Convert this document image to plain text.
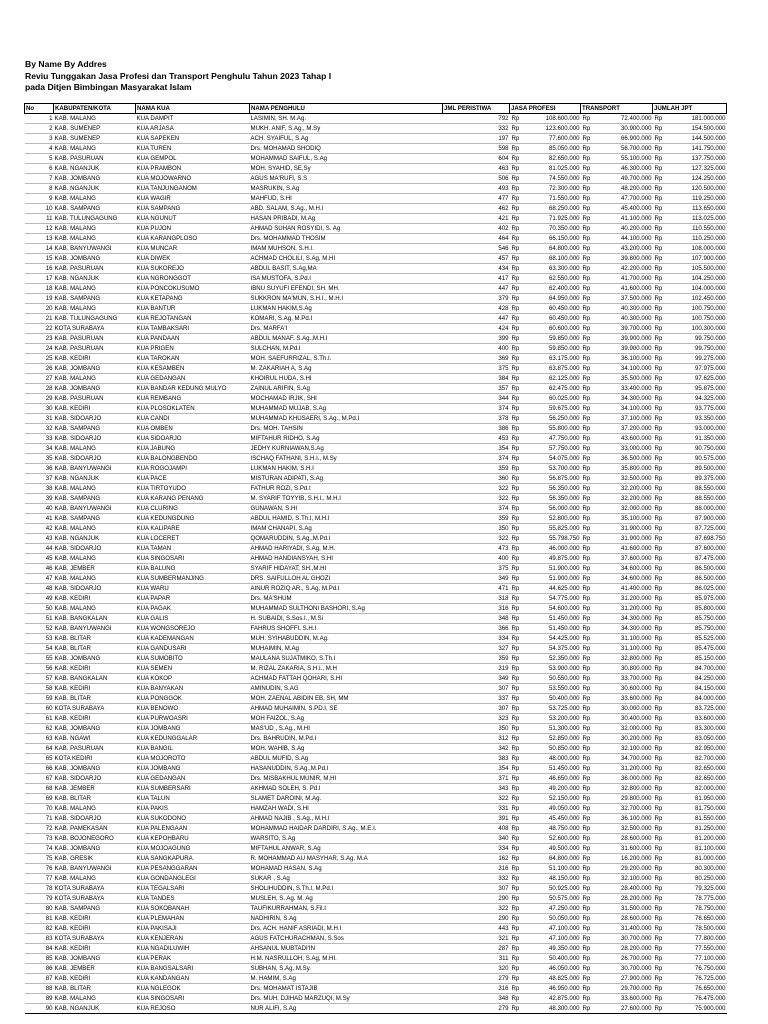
By Name By Addres
Reviu Tunggakan Jasa Profesi dan Transport Penghulu Tahun 2023 Tahap I
pada Ditjen Bimbingan Masyarakat Islam
No	KABUPATEN/KOTA	NAMA KUA	NAMA PENGHULU	JML PERISTIWA	JASA PROFESI		TRANSPORT		JUMLAH JPT	
1	KAB. MALANG	KUA DAMPIT	LASIMIN, SH. M.Ag.	792	Rp	108.600.000	Rp	72.400.000	Rp	181.000.000
2	KAB. SUMENEP	KUA ARJASA	MUKH. ANIF, S.Ag., M.Sy	332	Rp	123.600.000	Rp	30.900.000	Rp	154.500.000
3	KAB. SUMENEP	KUA SAPEKEN	ACH. SYAIFUL, S.Ag	197	Rp	77.600.000	Rp	66.900.000	Rp	144.500.000
4	KAB. MALANG	KUA TUREN	Drs. MOHAMAD SHODIQ	598	Rp	85.050.000	Rp	56.700.000	Rp	141.750.000
5	KAB. PASURUAN	KUA GEMPOL	MOHAMMAD SAIFUL, S.Ag	604	Rp	82.650.000	Rp	55.100.000	Rp	137.750.000
6	KAB. NGANJUK	KUA PRAMBON	MOH. SYAHID, SE,Sy	463	Rp	81.025.000	Rp	46.300.000	Rp	127.325.000
7	KAB. JOMBANG	KUA MOJOWARNO	AGUS MA'RUFI, S.S	506	Rp	74.550.000	Rp	49.700.000	Rp	124.250.000
8	KAB. NGANJUK	KUA TANJUNGANOM	MASRUKIN, S.Ag	493	Rp	72.300.000	Rp	48.200.000	Rp	120.500.000
9	KAB. MALANG	KUA WAGIR	MAHFUD, S.HI	477	Rp	71.550.000	Rp	47.700.000	Rp	119.250.000
10	KAB. SAMPANG	KUA SAMPANG	ABD. SALAM, S.Ag., M.H.I	462	Rp	68.250.000	Rp	45.400.000	Rp	113.650.000
11	KAB. TULUNGAGUNG	KUA NGUNUT	HASAN PRIBADI, M.Ag	421	Rp	71.925.000	Rp	41.100.000	Rp	113.025.000
12	KAB. MALANG	KUA PUJON	AHMAD SUHAN ROSYIDI, S. Ag	402	Rp	70.350.000	Rp	40.200.000	Rp	110.550.000
13	KAB. MALANG	KUA KARANGPLOSO	Drs. MOHAMMAD THOSIM	464	Rp	66.150.000	Rp	44.100.000	Rp	110.250.000
14	KAB. BANYUWANGI	KUA MUNCAR	IMAM MUHSON, S.H.I.	546	Rp	64.800.000	Rp	43.200.000	Rp	108.000.000
15	KAB. JOMBANG	KUA DIWEK	ACHMAD CHOLILI, S.Ag, M.HI	457	Rp	68.100.000	Rp	39.800.000	Rp	107.900.000
16	KAB. PASURUAN	KUA SUKOREJO	ABDUL BASIT, S.Ag,MA	434	Rp	63.300.000	Rp	42.200.000	Rp	105.500.000
17	KAB. NGANJUK	KUA NGRONGGOT	ISA MUSTOFA, S.Pd.I	417	Rp	62.550.000	Rp	41.700.000	Rp	104.250.000
18	KAB. MALANG	KUA PONCOKUSUMO	IBNU SUYUFI EFENDI, SH. MH.	447	Rp	62.400.000	Rp	41.600.000	Rp	104.000.000
19	KAB. SAMPANG	KUA KETAPANG	SUKKRON MA'MUN, S.H.I., M.H.I	379	Rp	64.950.000	Rp	37.500.000	Rp	102.450.000
20	KAB. MALANG	KUA BANTUR	LUKMAN HAKIM,S.Ag	428	Rp	60.450.000	Rp	40.300.000	Rp	100.750.000
21	KAB. TULUNGAGUNG	KUA REJOTANGAN	KOMARI, S.Ag, M.Pd.I	447	Rp	60.450.000	Rp	40.300.000	Rp	100.750.000
22	KOTA SURABAYA	KUA TAMBAKSARI	Drs. MARFA'I	424	Rp	60.600.000	Rp	39.700.000	Rp	100.300.000
23	KAB. PASURUAN	KUA PANDAAN	ABDUL MANAF, S.Ag.,M.H.I	399	Rp	59.850.000	Rp	39.900.000	Rp	99.750.000
24	KAB. PASURUAN	KUA PRIGEN	SULCHAN, M.Pd.I	400	Rp	59.850.000	Rp	39.900.000	Rp	99.750.000
25	KAB. KEDIRI	KUA TAROKAN	MOH. SAEFURRIZAL, S.Th.I.	369	Rp	63.175.000	Rp	36.100.000	Rp	99.275.000
26	KAB. JOMBANG	KUA KESAMBEN	M. ZAKARIAH A, S.Ag	375	Rp	63.875.000	Rp	34.100.000	Rp	97.975.000
27	KAB. MALANG	KUA GEDANGAN	KHOIRUL HUDA, S.HI	384	Rp	62.125.000	Rp	35.500.000	Rp	97.625.000
28	KAB. JOMBANG	KUA BANDAR KEDUNG MULYO	ZAINUL ARIFIN, S.Ag	357	Rp	62.475.000	Rp	33.400.000	Rp	95.875.000
29	KAB. PASURUAN	KUA REMBANG	MOCHAMAD IRJIK, SHI	344	Rp	60.025.000	Rp	34.300.000	Rp	94.325.000
30	KAB. KEDIRI	KUA PLOSOKLATEN	MUHAMMAD MUJAB, S.Ag	374	Rp	59.675.000	Rp	34.100.000	Rp	93.775.000
31	KAB. SIDOARJO	KUA CANDI	MUHAMMAD KHUSAERI, S.Ag., M.Pd.I	378	Rp	56.250.000	Rp	37.100.000	Rp	93.350.000
32	KAB. SAMPANG	KUA OMBEN	Drs. MOH. TAHSIN	386	Rp	55.800.000	Rp	37.200.000	Rp	93.000.000
33	KAB. SIDOARJO	KUA SIDOARJO	MIFTAHUR RIDHO, S.Ag	453	Rp	47.750.000	Rp	43.600.000	Rp	91.350.000
34	KAB. MALANG	KUA JABUNG	JEDHY KURNIAWAN,S.Ag	354	Rp	57.750.000	Rp	33.000.000	Rp	90.750.000
35	KAB. SIDOARJO	KUA BALONGBENDO	ISCHAQ FATHANI, S.H.I., M.Sy	374	Rp	54.075.000	Rp	36.500.000	Rp	90.575.000
36	KAB. BANYUWANGI	KUA ROGOJAMPI	LUKMAN HAKIM, S.H.I	359	Rp	53.700.000	Rp	35.800.000	Rp	89.500.000
37	KAB. NGANJUK	KUA PACE	MISTURAN ADIPATI, S.Ag	360	Rp	56.875.000	Rp	32.500.000	Rp	89.375.000
38	KAB. MALANG	KUA TIRTOYUDO	FATHUR ROZI, S.Pd.I	322	Rp	56.350.000	Rp	32.200.000	Rp	88.550.000
39	KAB. SAMPANG	KUA KARANG PENANG	M. SYARIF TOYYIB, S.H.I., M.H.I	322	Rp	56.350.000	Rp	32.200.000	Rp	88.550.000
40	KAB. BANYUWANGI	KUA CLURING	GUNAWAN, S.HI	374	Rp	56.000.000	Rp	32.000.000	Rp	88.000.000
41	KAB. SAMPANG	KUA KEDUNGDUNG	ABDUL HAMID, S.Th.I, M.H.I	359	Rp	52.800.000	Rp	35.100.000	Rp	87.900.000
42	KAB. MALANG	KUA KALIPARE	IMAM CHANAPI, S.Ag	350	Rp	55.825.000	Rp	31.900.000	Rp	87.725.000
43	KAB. NGANJUK	KUA LOCERET	QOMARUDDIN, S.Ag.,M.Pd.I	322	Rp	55.798.750	Rp	31.900.000	Rp	87.698.750
44	KAB. SIDOARJO	KUA TAMAN	AHMAD HARIYADI, S.Ag, M.H.	473	Rp	46.000.000	Rp	41.600.000	Rp	87.600.000
45	KAB. MALANG	KUA SINGOSARI	AHMAD HANDIANSYAH, S.HI	400	Rp	49.875.000	Rp	37.600.000	Rp	87.475.000
46	KAB. JEMBER	KUA BALUNG	SYARIF HIDAYAT, SH.,M.HI	375	Rp	51.900.000	Rp	34.600.000	Rp	86.500.000
47	KAB. MALANG	KUA SUMBERMANJING	DRS. SAIFULLOH AL GHOZI	349	Rp	51.900.000	Rp	34.600.000	Rp	86.500.000
48	KAB. SIDOARJO	KUA WARU	AINUR ROZIQ AR., S.Ag, M.Pd.I	471	Rp	44.625.000	Rp	41.400.000	Rp	86.025.000
49	KAB. KEDIRI	KUA PAPAR	Drs. MA'SHUM	318	Rp	54.775.000	Rp	31.200.000	Rp	85.975.000
50	KAB. MALANG	KUA PAGAK	MUHAMMAD SULTHONI BASHORI, S.Ag	316	Rp	54.600.000	Rp	31.200.000	Rp	85.800.000
51	KAB. BANGKALAN	KUA GALIS	H. SUBAIDI, S.Sos.I., M.Si	348	Rp	51.450.000	Rp	34.300.000	Rp	85.750.000
52	KAB. BANYUWANGI	KUA WONGSOREJO	FAHRUS SHOFFI, S.H.I	366	Rp	51.450.000	Rp	34.300.000	Rp	85.750.000
53	KAB. BLITAR	KUA KADEMANGAN	MUH. SYIHABUDDIN, M.Ag.	334	Rp	54.425.000	Rp	31.100.000	Rp	85.525.000
54	KAB. BLITAR	KUA GANDUSARI	MUHAIMIN, M.Ag	327	Rp	54.375.000	Rp	31.100.000	Rp	85.475.000
55	KAB. JOMBANG	KUA SUMOBITO	MAULANA SUJATMIKO, S.Th.I	359	Rp	52.350.000	Rp	32.800.000	Rp	85.150.000
56	KAB. KEDIRI	KUA SEMEN	M. RIZAL ZAKARIA, S.H.I., M.H	319	Rp	53.900.000	Rp	30.800.000	Rp	84.700.000
57	KAB. BANGKALAN	KUA KOKOP	ACHMAD FATTAH QOHARI, S.HI	349	Rp	50.550.000	Rp	33.700.000	Rp	84.250.000
58	KAB. KEDIRI	KUA BANYAKAN	AMINUDIN, S.AG	307	Rp	53.550.000	Rp	30.600.000	Rp	84.150.000
59	KAB. BLITAR	KUA PONGGOK	MOH. ZAENAL ABIDIN EB, SH, MM	337	Rp	50.400.000	Rp	33.600.000	Rp	84.000.000
60	KOTA SURABAYA	KUA BENOWO	AHMAD MUHAIMIN, S.PD.I, SE	307	Rp	53.725.000	Rp	30.000.000	Rp	83.725.000
61	KAB. KEDIRI	KUA PURWOASRI	MOH FAIZOL, S.Ag	323	Rp	53.200.000	Rp	30.400.000	Rp	83.600.000
62	KAB. JOMBANG	KUA JOMBANG	MAS'UD , S.Ag., M.HI	350	Rp	51.300.000	Rp	32.000.000	Rp	83.300.000
63	KAB. NGAWI	KUA KEDUNGGALAR	Drs. BAHRUDIN, M.Pd.I	312	Rp	52.850.000	Rp	30.200.000	Rp	83.050.000
64	KAB. PASURUAN	KUA BANGIL	MOH. WAHIB, S.Ag	342	Rp	50.850.000	Rp	32.100.000	Rp	82.950.000
65	KOTA KEDIRI	KUA MOJOROTO	ABDUL MUFID, S.Ag	383	Rp	48.000.000	Rp	34.700.000	Rp	82.700.000
66	KAB. JOMBANG	KUA JOMBANG	HASANUDDIN, S.Ag.,M.Pd.I	354	Rp	51.450.000	Rp	31.200.000	Rp	82.650.000
67	KAB. SIDOARJO	KUA GEDANGAN	Drs. MISBAKHUL MUNIR, M.HI	371	Rp	46.650.000	Rp	36.000.000	Rp	82.650.000
68	KAB. JEMBER	KUA SUMBERSARI	AKHMAD SOLEH, S. Pd.I	343	Rp	49.200.000	Rp	32.800.000	Rp	82.000.000
69	KAB. BLITAR	KUA TALUN	SLAMET DAROINI, M.Ag.	322	Rp	52.150.000	Rp	29.800.000	Rp	81.950.000
70	KAB. MALANG	KUA PAKIS	HAMZAH WADI, S.HI	331	Rp	49.050.000	Rp	32.700.000	Rp	81.750.000
71	KAB. SIDOARJO	KUA SUKODONO	AHMAD NAJIB , S.Ag., M.H.I	391	Rp	45.450.000	Rp	36.100.000	Rp	81.550.000
72	KAB. PAMEKASAN	KUA PALENGAAN	MOHAMMAD HAIDAR DARDIRI, S.Ag., M.E.I.	408	Rp	48.750.000	Rp	32.500.000	Rp	81.250.000
73	KAB. BOJONEGORO	KUA KEPOHBARU	WARSITO, S.Ag	340	Rp	52.600.000	Rp	28.600.000	Rp	81.200.000
74	KAB. JOMBANG	KUA MOJOAGUNG	MIFTAHUL ANWAR, S.Ag	334	Rp	49.500.000	Rp	31.600.000	Rp	81.100.000
75	KAB. GRESIK	KUA SANGKAPURA	R. MOHAMMAD AU MASYHAR, S.Ag, M.A	162	Rp	64.800.000	Rp	16.200.000	Rp	81.000.000
76	KAB. BANYUWANGI	KUA PESANGGARAN	MOHAMAD HASAN, S.Ag	316	Rp	51.100.000	Rp	29.200.000	Rp	80.300.000
77	KAB. MALANG	KUA GONDANGLEGI	SUKAR , S.Ag	332	Rp	48.150.000	Rp	32.100.000	Rp	80.250.000
78	KOTA SURABAYA	KUA TEGALSARI	SHOLIHUDDIN, S.Th.I, M.Pd.I	307	Rp	50.925.000	Rp	28.400.000	Rp	79.325.000
79	KOTA SURABAYA	KUA TANDES	MUSLEH, S. Ag. M. Ag	290	Rp	50.575.000	Rp	28.200.000	Rp	78.775.000
80	KAB. SAMPANG	KUA SOKOBANAH	TAUFIKURRAHMAN, S.Fil.I	322	Rp	47.250.000	Rp	31.500.000	Rp	78.750.000
81	KAB. KEDIRI	KUA PLEMAHAN	NADHIRIN, S.Ag	290	Rp	50.050.000	Rp	28.600.000	Rp	78.650.000
82	KAB. KEDIRI	KUA PAKISAJI	Drs. ACH. HANIF ASRIADI, M.H.I	443	Rp	47.100.000	Rp	31.400.000	Rp	78.500.000
83	KOTA SURABAYA	KUA KENJERAN	AGUS FATCHURACHMAN, S.Sos	321	Rp	47.100.000	Rp	30.700.000	Rp	77.800.000
84	KAB. KEDIRI	KUA NGADILUWIH	AHSANUL MUBTADI'IN	287	Rp	49.350.000	Rp	28.200.000	Rp	77.550.000
85	KAB. JOMBANG	KUA PERAK	H.M. NASRULLOH, S.Ag, M.HI.	311	Rp	50.400.000	Rp	26.700.000	Rp	77.100.000
86	KAB. JEMBER	KUA BANGSALSARI	SUBHAN, S.Ag, M.Sy.	320	Rp	46.050.000	Rp	30.700.000	Rp	76.750.000
87	KAB. KEDIRI	KUA KANDANGAN	M. HAMIM, S.Ag	279	Rp	48.825.000	Rp	27.900.000	Rp	76.725.000
88	KAB. BLITAR	KUA NGLEGOK	Drs. MOHAMAT ISTAJIB	316	Rp	46.950.000	Rp	29.700.000	Rp	76.650.000
89	KAB. MALANG	KUA SINGOSARI	Drs. MUH. DJIHAD MARZUQI, M.Sy	348	Rp	42.875.000	Rp	33.600.000	Rp	76.475.000
90	KAB. NGANJUK	KUA REJOSO	NUR ALIFI, S.Ag	279	Rp	48.300.000	Rp	27.600.000	Rp	75.900.000
